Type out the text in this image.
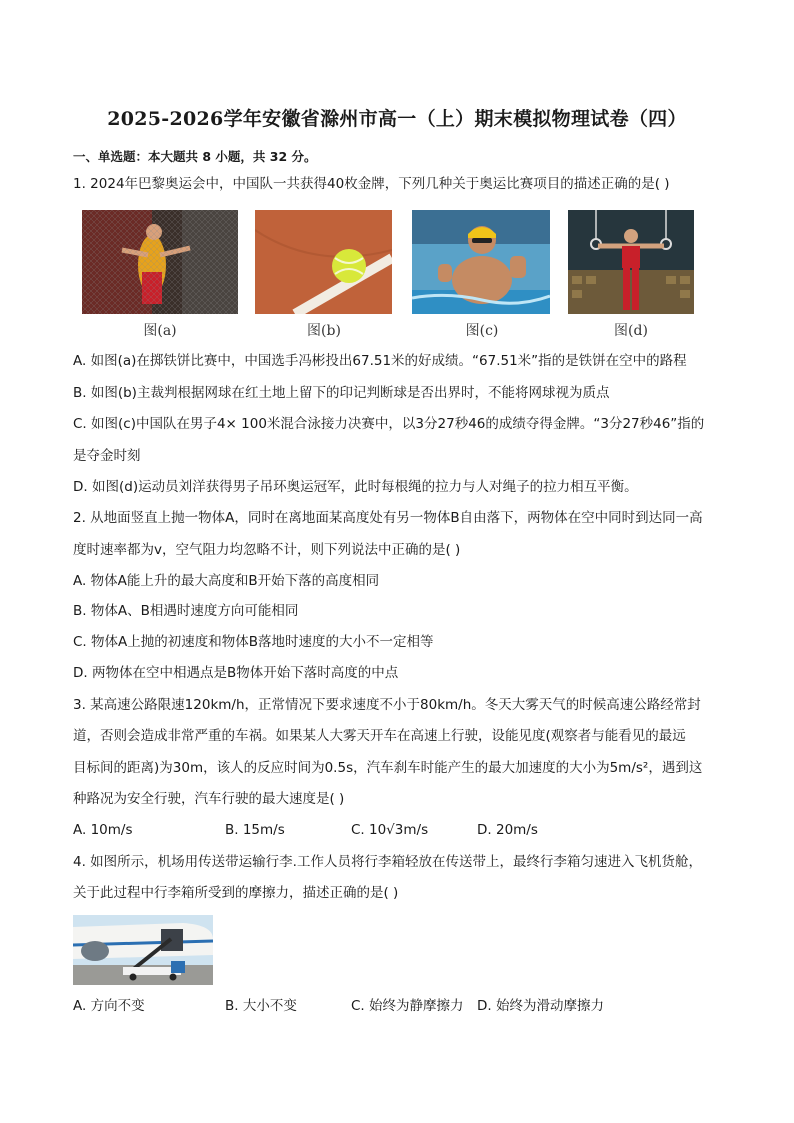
2025-2026学年安徽省滁州市高一（上）期末模拟物理试卷（四）
一、单选题：本大题共 8 小题，共 32 分。
1. 2024年巴黎奥运会中，中国队一共获得40枚金牌，下列几种关于奥运比赛项目的描述正确的是( )
图(a)	图(b)	图(c)	图(d)
A. 如图(a)在掷铁饼比赛中，中国选手冯彬投出67.51米的好成绩。“67.51米”指的是铁饼在空中的路程
B. 如图(b)主裁判根据网球在红土地上留下的印记判断球是否出界时，不能将网球视为质点
C. 如图(c)中国队在男子4× 100米混合泳接力决赛中，以3分27秒46的成绩夺得金牌。“3分27秒46”指的
是夺金时刻
D. 如图(d)运动员刘洋获得男子吊环奥运冠军，此时每根绳的拉力与人对绳子的拉力相互平衡。
2. 从地面竖直上抛一物体A，同时在离地面某高度处有另一物体B自由落下，两物体在空中同时到达同一高
度时速率都为v，空气阻力均忽略不计，则下列说法中正确的是( )
A. 物体A能上升的最大高度和B开始下落的高度相同
B. 物体A、B相遇时速度方向可能相同
C. 物体A上抛的初速度和物体B落地时速度的大小不一定相等
D. 两物体在空中相遇点是B物体开始下落时高度的中点
3. 某高速公路限速120km/h，正常情况下要求速度不小于80km/h。冬天大雾天气的时候高速公路经常封
道，否则会造成非常严重的车祸。如果某人大雾天开车在高速上行驶，设能见度(观察者与能看见的最远
目标间的距离)为30m，该人的反应时间为0.5s，汽车刹车时能产生的最大加速度的大小为5m/s²，遇到这
种路况为安全行驶，汽车行驶的最大速度是( )
A. 10m/s	B. 15m/s	C. 10√3m/s	D. 20m/s
4. 如图所示，机场用传送带运输行李.工作人员将行李箱轻放在传送带上，最终行李箱匀速进入飞机货舱，
关于此过程中行李箱所受到的摩擦力，描述正确的是( )
A. 方向不变	B. 大小不变	C. 始终为静摩擦力 D. 始终为滑动摩擦力
